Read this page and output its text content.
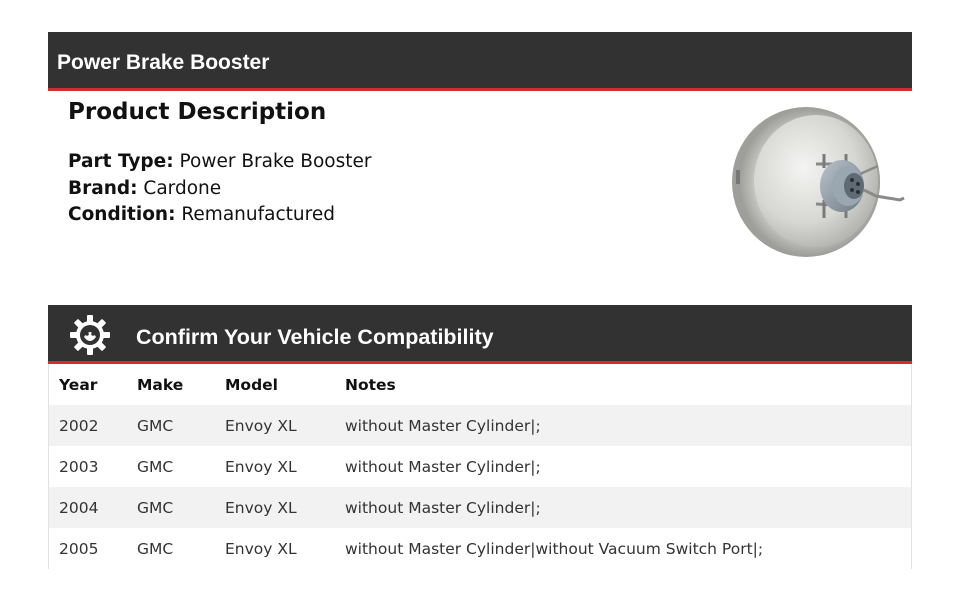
Power Brake Booster
Product Description
Part Type: Power Brake Booster
Brand: Cardone
Condition: Remanufactured
Confirm Your Vehicle Compatibility
Year	Make	Model	Notes
2002	GMC	Envoy XL	without Master Cylinder|;
2003	GMC	Envoy XL	without Master Cylinder|;
2004	GMC	Envoy XL	without Master Cylinder|;
2005	GMC	Envoy XL	without Master Cylinder|without Vacuum Switch Port|;
